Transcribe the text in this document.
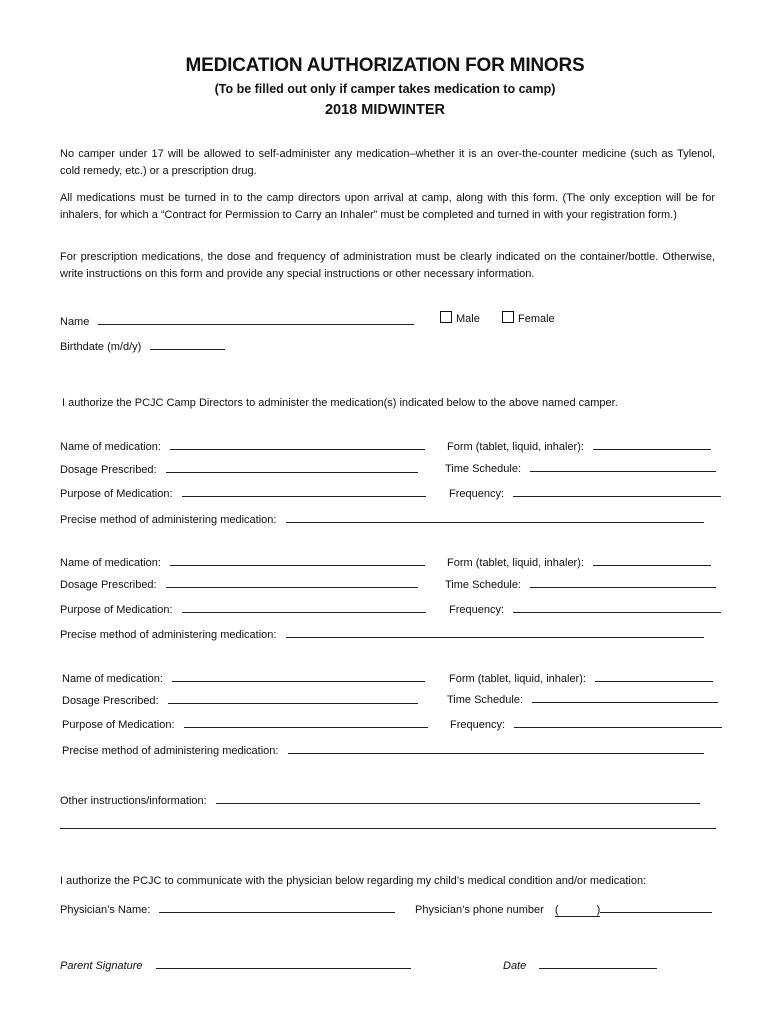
MEDICATION AUTHORIZATION FOR MINORS
(To be filled out only if camper takes medication to camp)
2018 MIDWINTER
No camper under 17 will be allowed to self-administer any medication–whether it is an over-the-counter medicine (such as Tylenol, cold remedy, etc.) or a prescription drug.
All medications must be turned in to the camp directors upon arrival at camp, along with this form. (The only exception will be for inhalers, for which a “Contract for Permission to Carry an Inhaler” must be completed and turned in with your registration form.)
For prescription medications, the dose and frequency of administration must be clearly indicated on the container/bottle. Otherwise, write instructions on this form and provide any special instructions or other necessary information.
Name	Male	Female
Birthdate (m/d/y)
I authorize the PCJC Camp Directors to administer the medication(s) indicated below to the above named camper.
Name of medication:	Form (tablet, liquid, inhaler):
Dosage Prescribed:	Time Schedule:
Purpose of Medication:	Frequency:
Precise method of administering medication:
Name of medication:	Form (tablet, liquid, inhaler):
Dosage Prescribed:	Time Schedule:
Purpose of Medication:	Frequency:
Precise method of administering medication:
Name of medication:	Form (tablet, liquid, inhaler):
Dosage Prescribed:	Time Schedule:
Purpose of Medication:	Frequency:
Precise method of administering medication:
Other instructions/information:
I authorize the PCJC to communicate with the physician below regarding my child’s medical condition and/or medication:
Physician’s Name:	Physician’s phone number (	)
Parent Signature	Date
